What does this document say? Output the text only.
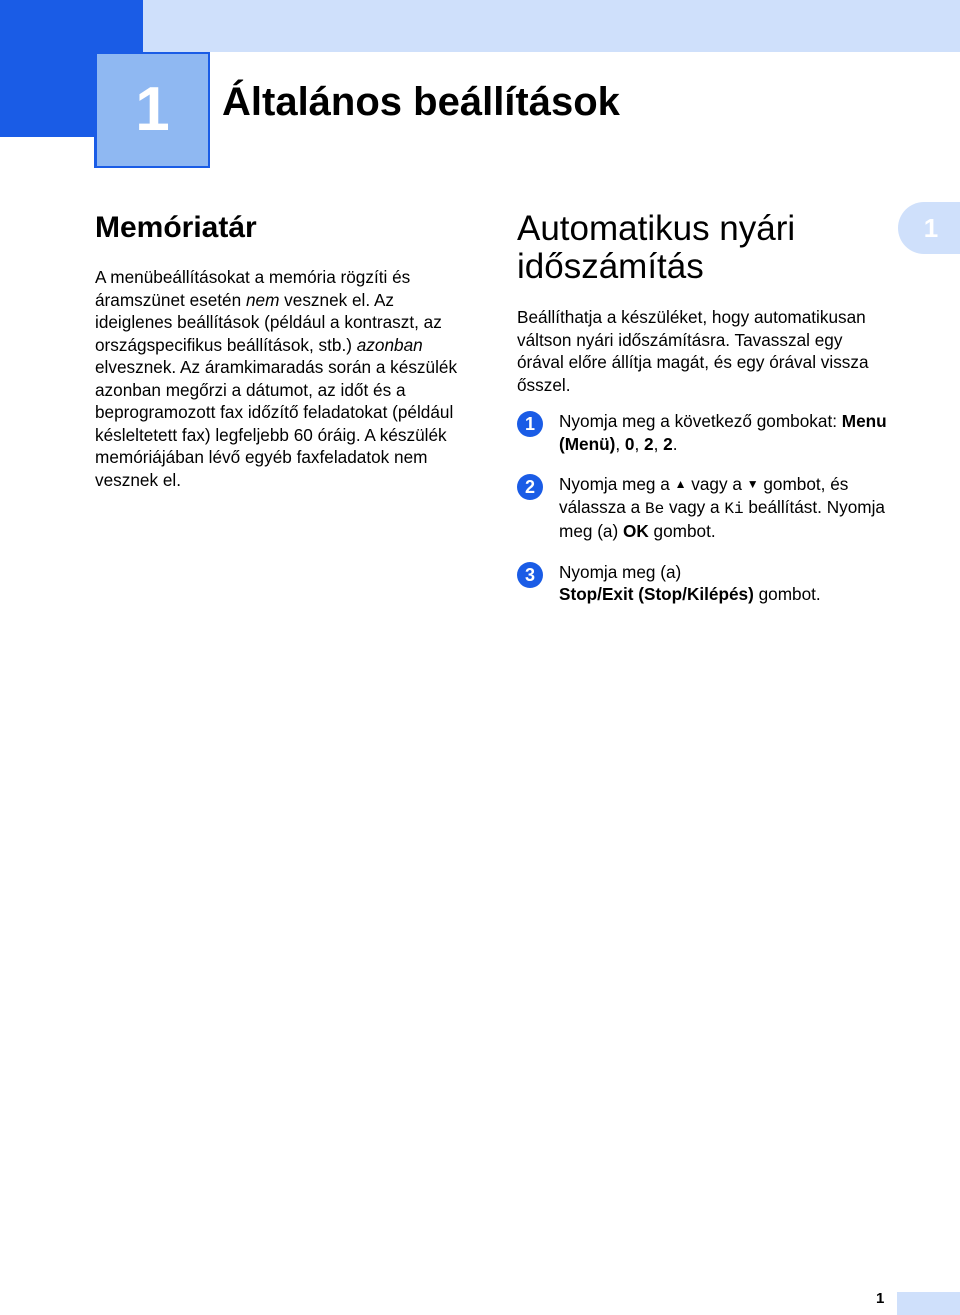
1	Általános beállítások
1
Memóriatár

A menübeállításokat a memória rögzíti és áramszünet esetén nem vesznek el. Az ideiglenes beállítások (például a kontraszt, az országspecifikus beállítások, stb.) azonban elvesznek. Az áramkimaradás során a készülék azonban megőrzi a dátumot, az időt és a beprogramozott fax időzítő feladatokat (például késleltetett fax) legfeljebb 60 óráig. A készülék memóriájában lévő egyéb faxfeladatok nem vesznek el.

Automatikus nyári időszámítás

Beállíthatja a készüléket, hogy automatikusan váltson nyári időszámításra. Tavasszal egy órával előre állítja magát, és egy órával vissza ősszel.

1	Nyomja meg a következő gombokat: Menu (Menü), 0, 2, 2.
2	Nyomja meg a ▲ vagy a ▼ gombot, és válassza a Be vagy a Ki beállítást. Nyomja meg (a) OK gombot.
3	Nyomja meg (a)
Stop/Exit (Stop/Kilépés) gombot.
1
